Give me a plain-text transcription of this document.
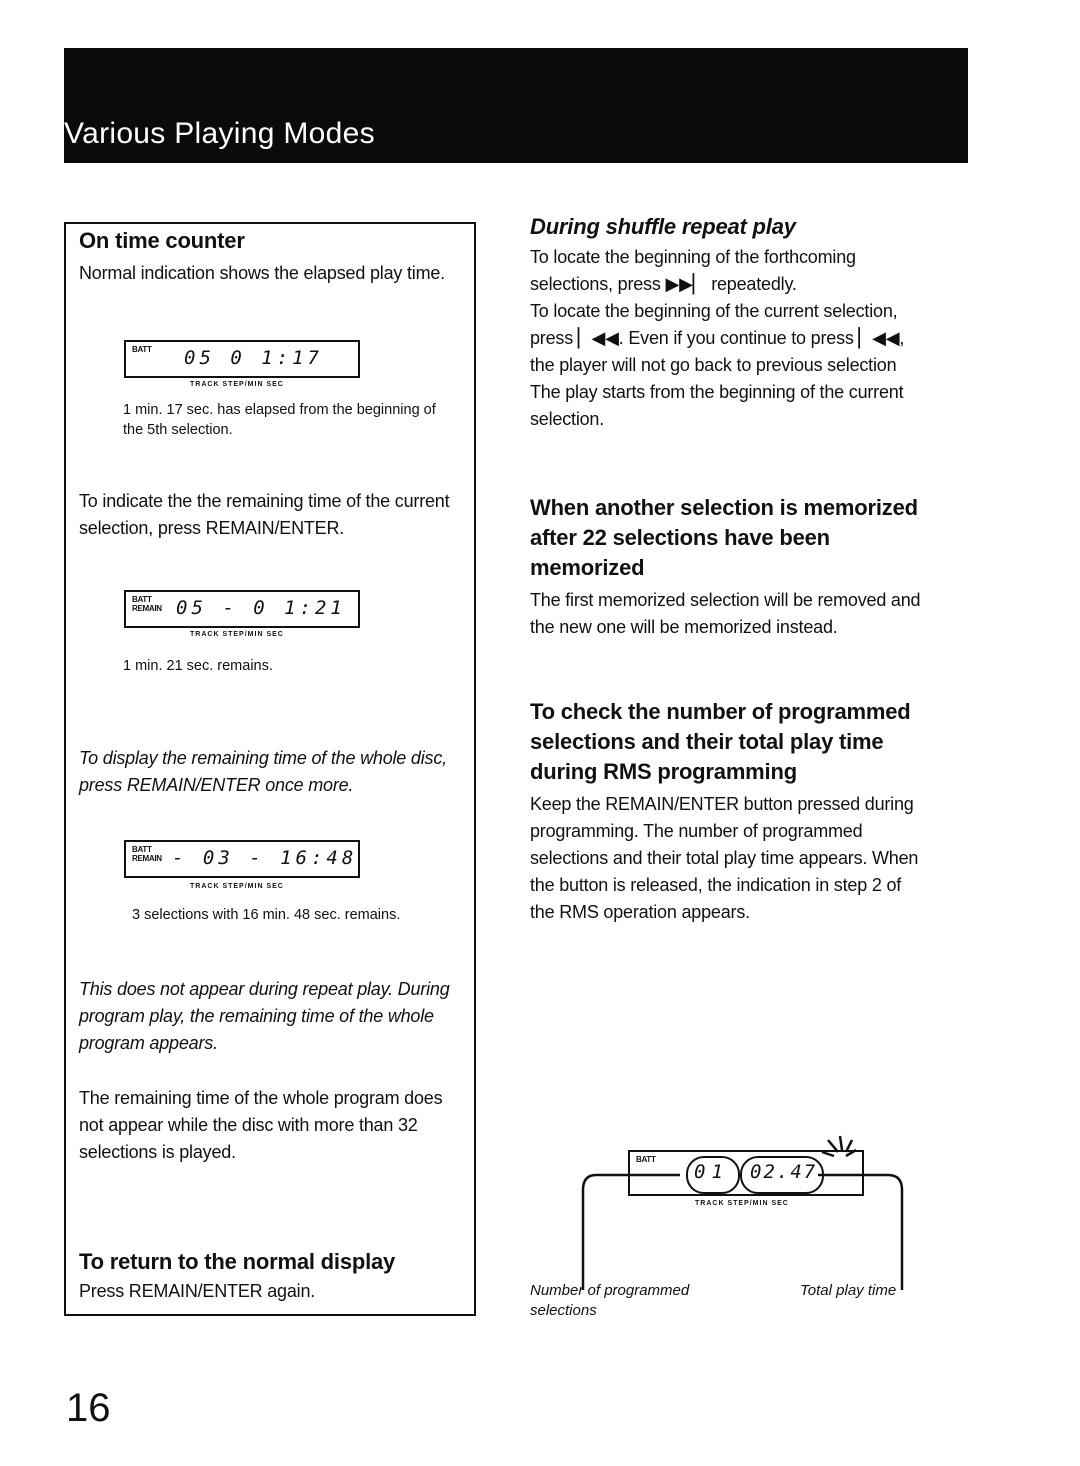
Various Playing Modes
On time counter

Normal indication shows the elapsed play time.

BATT 05 0 1:17
TRACK STEP/MIN SEC

1 min. 17 sec. has elapsed from the beginning of the 5th selection.

To indicate the the remaining time of the current selection, press REMAIN/ENTER.

BATT REMAIN 05 - 0 1:21
TRACK STEP/MIN SEC

1 min. 21 sec. remains.

To display the remaining time of the whole disc, press REMAIN/ENTER once more.

BATT REMAIN - 03 - 16:48
TRACK STEP/MIN SEC

3 selections with 16 min. 48 sec. remains.

This does not appear during repeat play. During program play, the remaining time of the whole program appears.

The remaining time of the whole program does not appear while the disc with more than 32 selections is played.

To return to the normal display

Press REMAIN/ENTER again.

During shuffle repeat play

To locate the beginning of the forthcoming selections, press ▶▶▏ repeatedly.

To locate the beginning of the current selection, press ▏◀◀. Even if you continue to press ▏◀◀, the player will not go back to previous selection The play starts from the beginning of the current selection.

When another selection is memorized after 22 selections have been memorized

The first memorized selection will be removed and the new one will be memorized instead.

To check the number of programmed selections and their total play time during RMS programming

Keep the REMAIN/ENTER button pressed during programming. The number of programmed selections and their total play time appears. When the button is released, the indication in step 2 of the RMS operation appears.

BATT
01 02.47
TRACK STEP/MIN SEC

Number of programmed selections

Total play time

16
